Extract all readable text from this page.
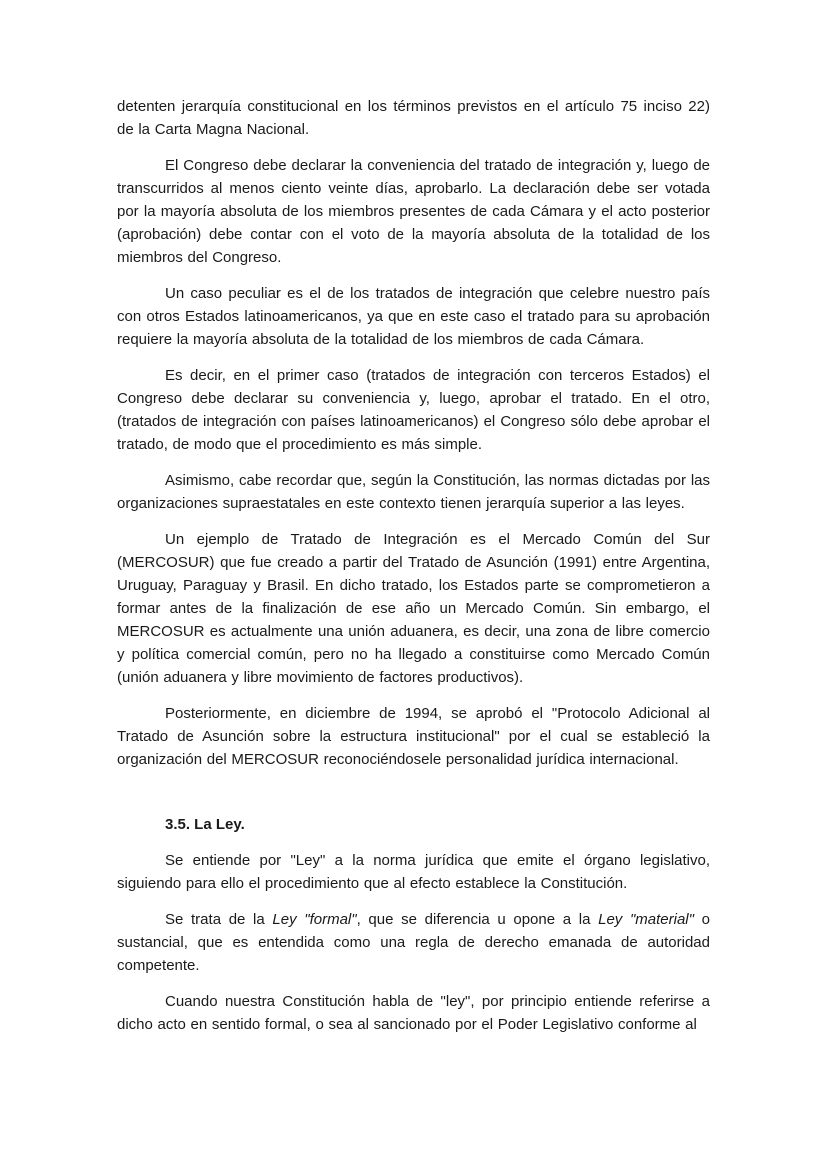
detenten jerarquía constitucional en los términos previstos en el artículo 75 inciso 22) de la Carta Magna Nacional.

El Congreso debe declarar la conveniencia del tratado de integración y, luego de transcurridos al menos ciento veinte días, aprobarlo. La declaración debe ser votada por la mayoría absoluta de los miembros presentes de cada Cámara y el acto posterior (aprobación) debe contar con el voto de la mayoría absoluta de la totalidad de los miembros del Congreso.

Un caso peculiar es el de los tratados de integración que celebre nuestro país con otros Estados latinoamericanos, ya que en este caso el tratado para su aprobación requiere la mayoría absoluta de la totalidad de los miembros de cada Cámara.

Es decir, en el primer caso (tratados de integración con terceros Estados) el Congreso debe declarar su conveniencia y, luego, aprobar el tratado. En el otro, (tratados de integración con países latinoamericanos) el Congreso sólo debe aprobar el tratado, de modo que el procedimiento es más simple.

Asimismo, cabe recordar que, según la Constitución, las normas dictadas por las organizaciones supraestatales en este contexto tienen jerarquía superior a las leyes.

Un ejemplo de Tratado de Integración es el Mercado Común del Sur (MERCOSUR) que fue creado a partir del Tratado de Asunción (1991) entre Argentina, Uruguay, Paraguay y Brasil. En dicho tratado, los Estados parte se comprometieron a formar antes de la finalización de ese año un Mercado Común. Sin embargo, el MERCOSUR es actualmente una unión aduanera, es decir, una zona de libre comercio y política comercial común, pero no ha llegado a constituirse como Mercado Común (unión aduanera y libre movimiento de factores productivos).

Posteriormente, en diciembre de 1994, se aprobó el "Protocolo Adicional al Tratado de Asunción sobre la estructura institucional" por el cual se estableció la organización del MERCOSUR reconociéndosele personalidad jurídica internacional.

3.5. La Ley.

Se entiende por "Ley" a la norma jurídica que emite el órgano legislativo, siguiendo para ello el procedimiento que al efecto establece la Constitución.

Se trata de la Ley "formal", que se diferencia u opone a la Ley "material" o sustancial, que es entendida como una regla de derecho emanada de autoridad competente.

Cuando nuestra Constitución habla de "ley", por principio entiende referirse a dicho acto en sentido formal, o sea al sancionado por el Poder Legislativo conforme al
